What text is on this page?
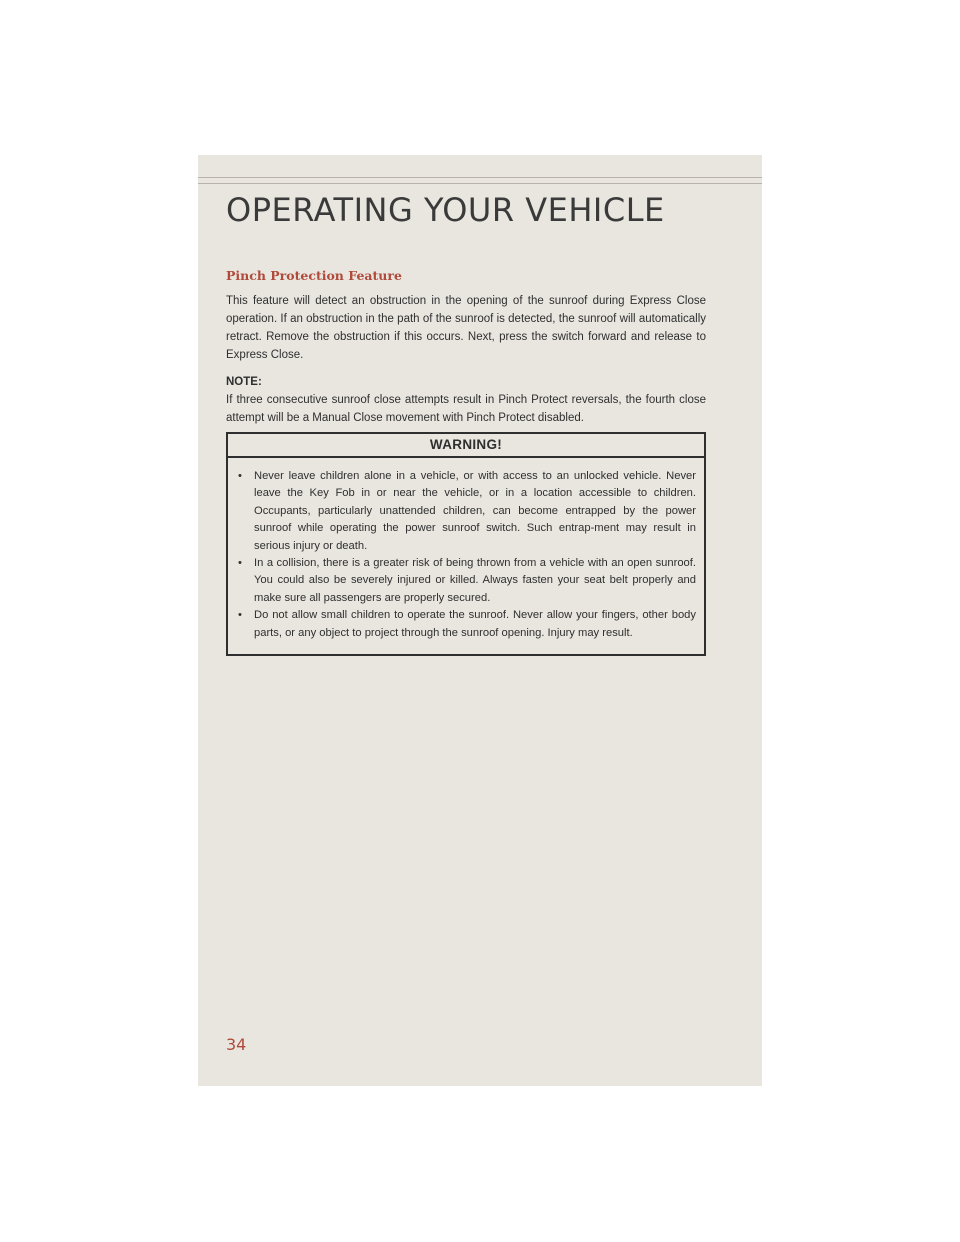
OPERATING YOUR VEHICLE
Pinch Protection Feature

This feature will detect an obstruction in the opening of the sunroof during Express Close operation. If an obstruction in the path of the sunroof is detected, the sunroof will automatically retract. Remove the obstruction if this occurs. Next, press the switch forward and release to Express Close.

NOTE:

If three consecutive sunroof close attempts result in Pinch Protect reversals, the fourth close attempt will be a Manual Close movement with Pinch Protect disabled.

WARNING!
• Never leave children alone in a vehicle, or with access to an unlocked vehicle. Never leave the Key Fob in or near the vehicle, or in a location accessible to children. Occupants, particularly unattended children, can become entrapped by the power sunroof while operating the power sunroof switch. Such entrap-ment may result in serious injury or death.
• In a collision, there is a greater risk of being thrown from a vehicle with an open sunroof. You could also be severely injured or killed. Always fasten your seat belt properly and make sure all passengers are properly secured.
• Do not allow small children to operate the sunroof. Never allow your fingers, other body parts, or any object to project through the sunroof opening. Injury may result.
34
